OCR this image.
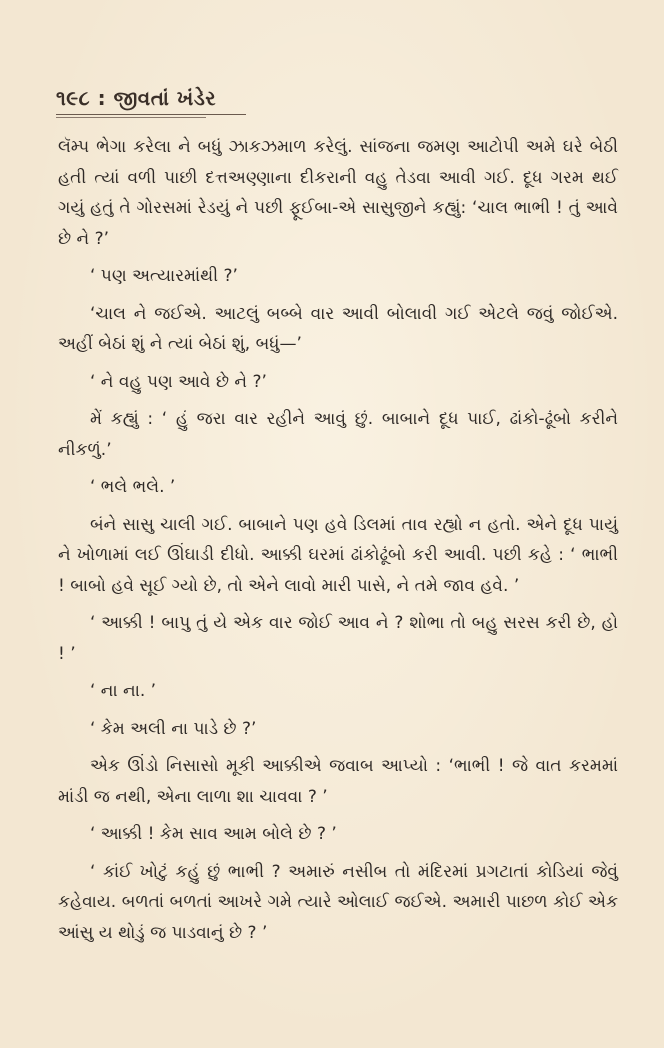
૧૯૮ : જીવતાં ખંડેર

લૅમ્પ ભેગા કરેલા ને બધું ઝાકઝમાળ કરેલું. સાંજના જમણ આટોપી અમે ઘરે બેઠી હતી ત્યાં વળી પાછી દત્તઅણ્ણાના દીકરાની વહુ તેડવા આવી ગઈ. દૂધ ગરમ થઈ ગયું હતું તે ગોરસમાં રેડયું ને પછી ફૂઈબા-એ સાસુજીને કહ્યું: ‘ચાલ ભાભી ! તું આવે છે ને ?’

‘ પણ અત્યારમાંથી ?’

‘ચાલ ને જઈએ. આટલું બબ્બે વાર આવી બોલાવી ગઈ એટલે જવું જોઈએ. અહીં બેઠાં શું ને ત્યાં બેઠાં શું, બધું—’

‘ ને વહુ પણ આવે છે ને ?’

મેં કહ્યું : ‘ હું જરા વાર રહીને આવું છું. બાબાને દૂધ પાઈ, ઢાંકો-ઢૂંબો કરીને નીકળું.’

‘ ભલે ભલે. ’

બંને સાસુ ચાલી ગઈ. બાબાને પણ હવે ડિલમાં તાવ રહ્યો ન હતો. એને દૂધ પાયું ને ખોળામાં લઈ ઊંઘાડી દીધો. આક્કી ઘરમાં ઢાંકોઢૂંબો કરી આવી. પછી કહે : ‘ ભાભી ! બાબો હવે સૂઈ ગ્યો છે, તો એને લાવો મારી પાસે, ને તમે જાવ હવે. ’

‘ આક્કી ! બાપુ તું યે એક વાર જોઈ આવ ને ? શોભા તો બહુ સરસ કરી છે, હો ! ’

‘ ના ના. ’

‘ કેમ અલી ના પાડે છે ?’

એક ઊંડો નિસાસો મૂકી આક્કીએ જવાબ આપ્યો : ‘ભાભી ! જે વાત કરમમાં માંડી જ નથી, એના લાળા શા ચાવવા ? ’

‘ આક્કી ! કેમ સાવ આમ બોલે છે ? ’

‘ કાંઈ ખોટું કહું છું ભાભી ? અમારું નસીબ તો મંદિરમાં પ્રગટાતાં કોડિયાં જેવું કહેવાય. બળતાં બળતાં આખરે ગમે ત્યારે ઓલાઈ જઈએ. અમારી પાછળ કોઈ એક આંસુ ય થોડું જ પાડવાનું છે ? ’
